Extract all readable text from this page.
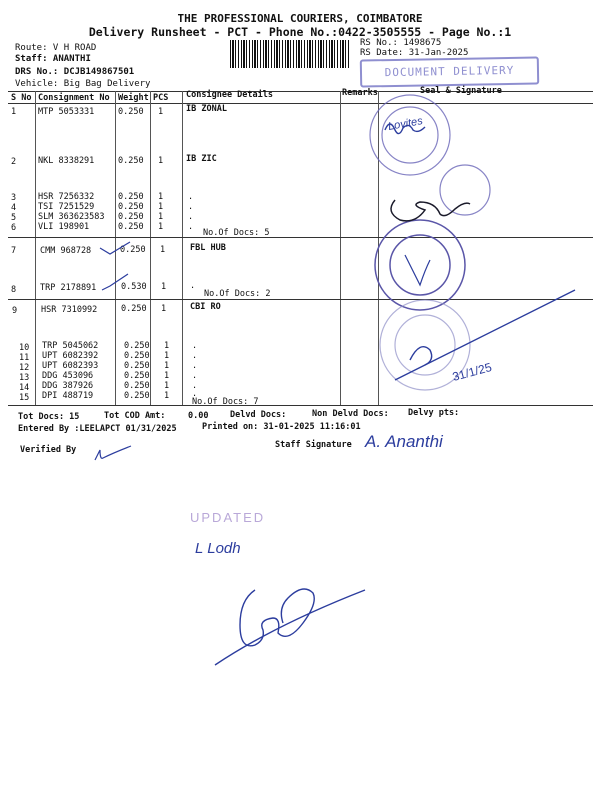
THE PROFESSIONAL COURIERS, COIMBATORE
Delivery Runsheet - PCT - Phone No.:0422-3505555 - Page No.:1
Route: V H ROAD
Staff: ANANTHI
DRS No.: DCJB149867501
Vehicle: Big Bag Delivery
RS No.: 1498675
RS Date: 31-Jan-2025
DOCUMENT DELIVERY
S No Consignment No Weight PCS Consignee Details	Remarks	Seal & Signature
1	MTP 5053331	0.250 1	IB ZONAL
2	NKL 8338291	0.250 1	IB ZIC
3	HSR 7256332	0.250 1	.
4	TSI 7251529	0.250 1	.
5	SLM 363623583 0.250 1	.
6	VLI 198901	0.250 1	.
No.Of Docs: 5
7	CMM 968728	0.250 1	FBL HUB
8	TRP 2178891	0.530 1	.
No.Of Docs: 2
9	HSR 7310992	0.250 1	CBI RO
10 TRP 5045062	0.250 1	.
11 UPT 6082392	0.250 1	.
12 UPT 6082393	0.250 1	.
13 DDG 453096	0.250 1	.
14 DDG 387926	0.250 1	.
15 DPI 488719	0.250 1	.
No.Of Docs: 7
Tot Docs: 15	Tot COD Amt:	0.00	Delvd Docs:	Non Delvd Docs: Delvy pts:
Entered By :LEELAPCT 01/31/2025	Printed on: 31-01-2025 11:16:01
Verified By	Staff Signature
Lovites
31/1/25
A. Ananthi
UPDATED
L Lodh
